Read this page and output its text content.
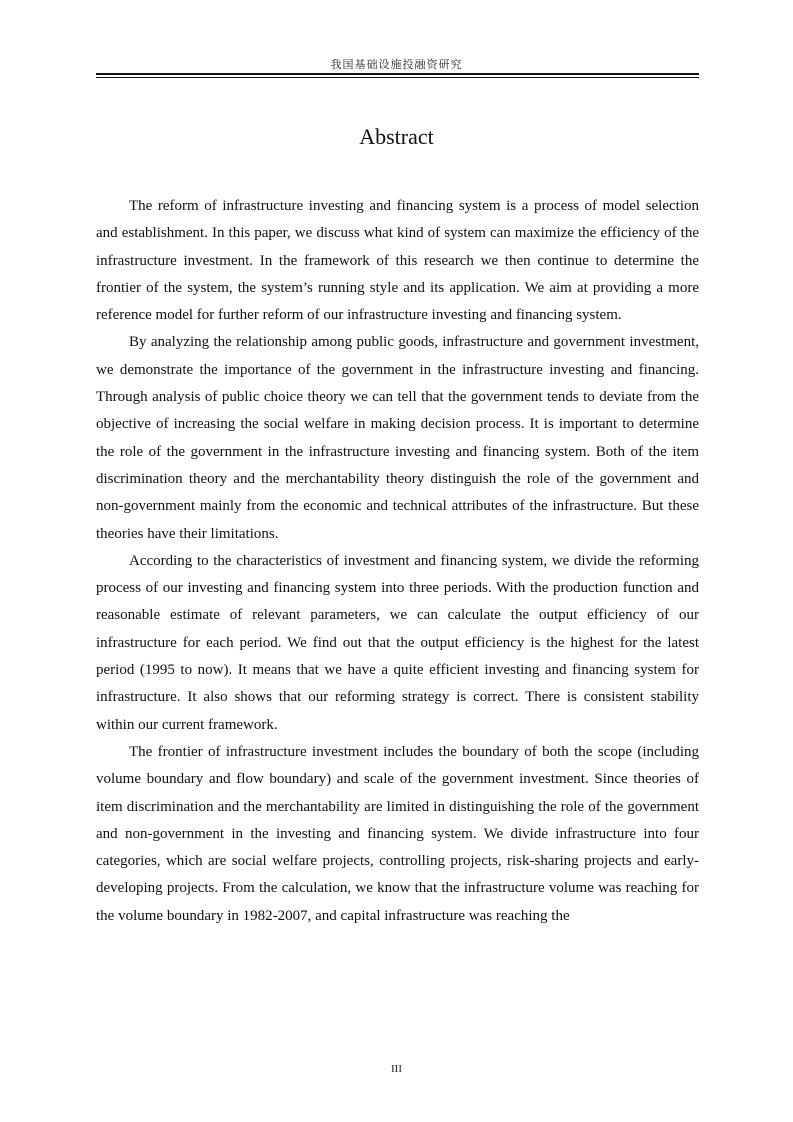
我国基础设施投融资研究
Abstract

The reform of infrastructure investing and financing system is a process of model selection and establishment. In this paper, we discuss what kind of system can maximize the efficiency of the infrastructure investment. In the framework of this research we then continue to determine the frontier of the system, the system’s running style and its application. We aim at providing a more reference model for further reform of our infrastructure investing and financing system.

By analyzing the relationship among public goods, infrastructure and government investment, we demonstrate the importance of the government in the infrastructure investing and financing. Through analysis of public choice theory we can tell that the government tends to deviate from the objective of increasing the social welfare in making decision process. It is important to determine the role of the government in the infrastructure investing and financing system. Both of the item discrimination theory and the merchantability theory distinguish the role of the government and non-government mainly from the economic and technical attributes of the infrastructure. But these theories have their limitations.

According to the characteristics of investment and financing system, we divide the reforming process of our investing and financing system into three periods. With the production function and reasonable estimate of relevant parameters, we can calculate the output efficiency of our infrastructure for each period. We find out that the output efficiency is the highest for the latest period (1995 to now). It means that we have a quite efficient investing and financing system for infrastructure. It also shows that our reforming strategy is correct. There is consistent stability within our current framework.

The frontier of infrastructure investment includes the boundary of both the scope (including volume boundary and flow boundary) and scale of the government investment. Since theories of item discrimination and the merchantability are limited in distinguishing the role of the government and non-government in the investing and financing system. We divide infrastructure into four categories, which are social welfare projects, controlling projects, risk-sharing projects and early-developing projects. From the calculation, we know that the infrastructure volume was reaching for the volume boundary in 1982-2007, and capital infrastructure was reaching the

III
